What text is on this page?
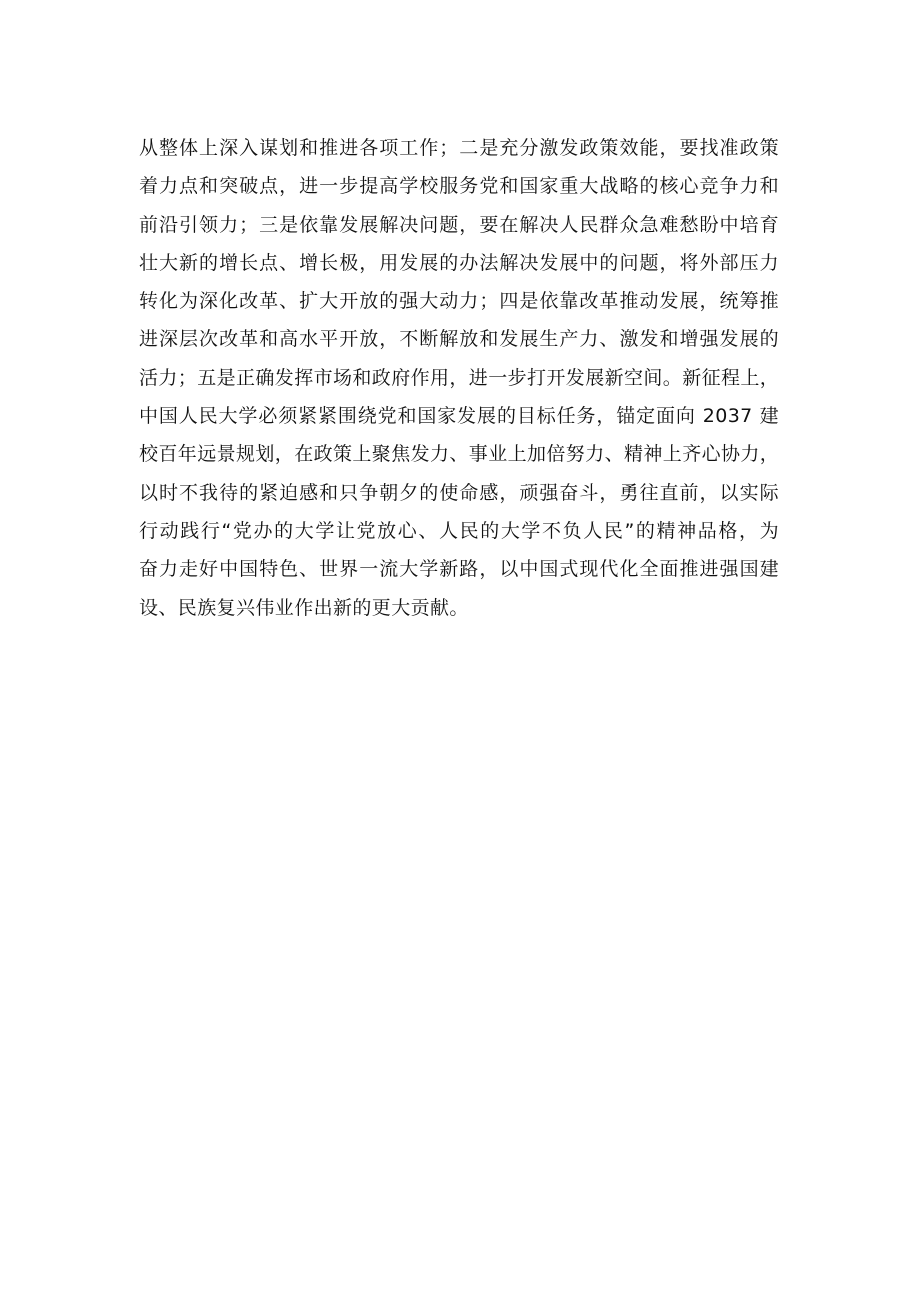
从整体上深入谋划和推进各项工作；二是充分激发政策效能，要找准政策
着力点和突破点，进一步提高学校服务党和国家重大战略的核心竞争力和
前沿引领力；三是依靠发展解决问题，要在解决人民群众急难愁盼中培育
壮大新的增长点、增长极，用发展的办法解决发展中的问题，将外部压力
转化为深化改革、扩大开放的强大动力；四是依靠改革推动发展，统筹推
进深层次改革和高水平开放，不断解放和发展生产力、激发和增强发展的
活力；五是正确发挥市场和政府作用，进一步打开发展新空间。新征程上，
中国人民大学必须紧紧围绕党和国家发展的目标任务，锚定面向 2037 建
校百年远景规划，在政策上聚焦发力、事业上加倍努力、精神上齐心协力，
以时不我待的紧迫感和只争朝夕的使命感，顽强奋斗，勇往直前，以实际
行动践行“党办的大学让党放心、人民的大学不负人民”的精神品格，为
奋力走好中国特色、世界一流大学新路，以中国式现代化全面推进强国建
设、民族复兴伟业作出新的更大贡献。
